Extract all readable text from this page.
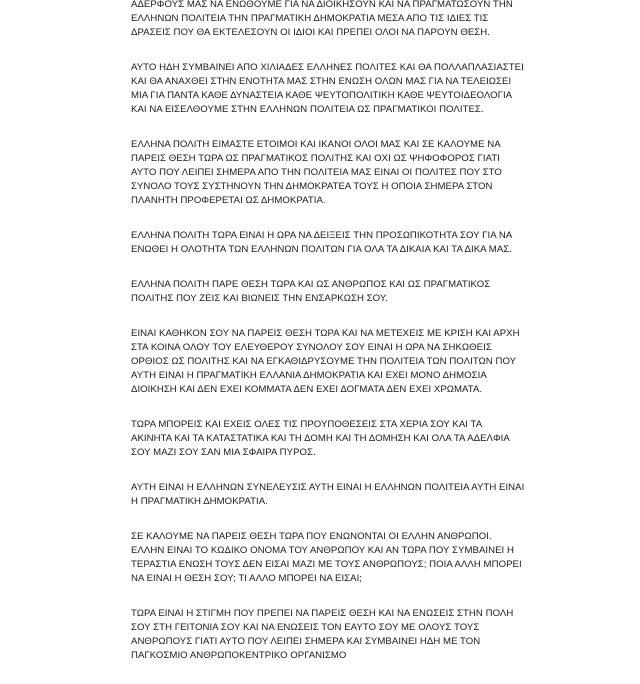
ΑΔΕΡΦΟΥΣ ΜΑΣ ΝΑ ΕΝΩΘΟΥΜΕ ΓΙΑ ΝΑ ΔΙΟΙΚΗΣΟΥΝ ΚΑΙ ΝΑ ΠΡΑΓΜΑΤΩΣΟΥΝ ΤΗΝ
ΕΛΛΗΝΩΝ ΠΟΛΙΤΕΙΑ ΤΗΝ ΠΡΑΓΜΑΤΙΚΗ ΔΗΜΟΚΡΑΤΙΑ ΜΕΣΑ ΑΠΟ ΤΙΣ ΙΔΙΕΣ ΤΙΣ
ΔΡΑΣΕΙΣ ΠΟΥ ΘΑ ΕΚΤΕΛΕΣΟΥΝ ΟΙ ΙΔΙΟΙ ΚΑΙ ΠΡΕΠΕΙ ΟΛΟΙ ΝΑ ΠΑΡΟΥΝ ΘΕΣΗ.
ΑΥΤΟ ΗΔΗ ΣΥΜΒΑΙΝΕΙ ΑΠΟ ΧΙΛΙΑΔΕΣ ΕΛΛΗΝΕΣ ΠΟΛΙΤΕΣ ΚΑΙ ΘΑ ΠΟΛΛΑΠΛΑΣΙΑΣΤΕΙ
ΚΑΙ ΘΑ ΑΝΑΧΘΕΙ ΣΤΗΝ ΕΝΟΤΗΤΑ ΜΑΣ ΣΤΗΝ ΕΝΩΣΗ ΟΛΩΝ ΜΑΣ ΓΙΑ ΝΑ ΤΕΛΕΙΩΣΕΙ
ΜΙΑ ΓΙΑ ΠΑΝΤΑ ΚΑΘΕ ΔΥΝΑΣΤΕΙΑ ΚΑΘΕ ΨΕΥΤΟΠΟΛΙΤΙΚΗ ΚΑΘΕ ΨΕΥΤΟΙΔΕΟΛΟΓΙΑ
ΚΑΙ ΝΑ ΕΙΣΕΛΘΟΥΜΕ ΣΤΗΝ ΕΛΛΗΝΩΝ ΠΟΛΙΤΕΙΑ ΩΣ ΠΡΑΓΜΑΤΙΚΟΙ ΠΟΛΙΤΕΣ.
ΕΛΛΗΝΑ ΠΟΛΙΤΗ ΕΙΜΑΣΤΕ ΕΤΟΙΜΟΙ ΚΑΙ ΙΚΑΝΟΙ ΟΛΟΙ ΜΑΣ ΚΑΙ ΣΕ ΚΑΛΟΥΜΕ ΝΑ
ΠΑΡΕΙΣ ΘΕΣΗ ΤΩΡΑ ΩΣ ΠΡΑΓΜΑΤΙΚΟΣ ΠΟΛΙΤΗΣ ΚΑΙ ΟΧΙ ΩΣ ΨΗΦΟΦΟΡΟΣ ΓΙΑΤΙ
ΑΥΤΟ ΠΟΥ ΛΕΙΠΕΙ ΣΗΜΕΡΑ ΑΠΟ ΤΗΝ ΠΟΛΙΤΕΙΑ ΜΑΣ ΕΙΝΑΙ ΟΙ ΠΟΛΙΤΕΣ ΠΟΥ ΣΤΟ
ΣΥΝΟΛΟ ΤΟΥΣ ΣΥΣΤΗΝΟΥΝ ΤΗΝ ΔΗΜΟΚΡΑΤΕΑ ΤΟΥΣ Η ΟΠΟΙΑ ΣΗΜΕΡΑ ΣΤΟΝ
ΠΛΑΝΗΤΗ ΠΡΟΦΕΡΕΤΑΙ ΩΣ ΔΗΜΟΚΡΑΤΙΑ.
ΕΛΛΗΝΑ ΠΟΛΙΤΗ ΤΩΡΑ ΕΙΝΑΙ Η ΩΡΑ ΝΑ ΔΕΙΞΕΙΣ ΤΗΝ ΠΡΟΣΩΠΙΚΟΤΗΤΑ ΣΟΥ ΓΙΑ ΝΑ
ΕΝΩΘΕΙ Η ΟΛΟΤΗΤΑ ΤΩΝ ΕΛΛΗΝΩΝ ΠΟΛΙΤΩΝ ΓΙΑ ΟΛΑ ΤΑ ΔΙΚΑΙΑ ΚΑΙ ΤΑ ΔΙΚΑ ΜΑΣ.
ΕΛΛΗΝΑ ΠΟΛΙΤΗ ΠΑΡΕ ΘΕΣΗ ΤΩΡΑ ΚΑΙ ΩΣ ΑΝΘΡΩΠΟΣ ΚΑΙ ΩΣ ΠΡΑΓΜΑΤΙΚΟΣ
ΠΟΛΙΤΗΣ ΠΟΥ ΖΕΙΣ ΚΑΙ ΒΙΩΝΕΙΣ ΤΗΝ ΕΝΣΑΡΚΩΣΗ ΣΟΥ.
ΕΙΝΑΙ ΚΑΘΗΚΟΝ ΣΟΥ ΝΑ ΠΑΡΕΙΣ ΘΕΣΗ ΤΩΡΑ ΚΑΙ ΝΑ ΜΕΤΕΧΕΙΣ ΜΕ ΚΡΙΣΗ ΚΑΙ ΑΡΧΗ
ΣΤΑ ΚΟΙΝΑ ΟΛΟΥ ΤΟΥ ΕΛΕΥΘΕΡΟΥ ΣΥΝΟΛΟΥ ΣΟΥ ΕΙΝΑΙ Η ΩΡΑ ΝΑ ΣΗΚΩΘΕΙΣ
ΟΡΘΙΟΣ ΩΣ ΠΟΛΙΤΗΣ ΚΑΙ ΝΑ ΕΓΚΑΘΙΔΡΥΣΟΥΜΕ ΤΗΝ ΠΟΛΙΤΕΙΑ ΤΩΝ ΠΟΛΙΤΩΝ ΠΟΥ
ΑΥΤΗ ΕΙΝΑΙ Η ΠΡΑΓΜΑΤΙΚΗ ΕΛΛΑΝΙΑ ΔΗΜΟΚΡΑΤΙΑ ΚΑΙ ΕΧΕΙ ΜΟΝΟ ΔΗΜΟΣΙΑ
ΔΙΟΙΚΗΣΗ ΚΑΙ ΔΕΝ ΕΧΕΙ ΚΟΜΜΑΤΑ ΔΕΝ ΕΧΕΙ ΔΟΓΜΑΤΑ ΔΕΝ ΕΧΕΙ ΧΡΩΜΑΤΑ.
ΤΩΡΑ ΜΠΟΡΕΙΣ ΚΑΙ ΕΧΕΙΣ ΟΛΕΣ ΤΙΣ ΠΡΟΥΠΟΘΕΣΕΙΣ ΣΤΑ ΧΕΡΙΑ ΣΟΥ ΚΑΙ ΤΑ
ΑΚΙΝΗΤΑ ΚΑΙ ΤΑ ΚΑΤΑΣΤΑΤΙΚΑ ΚΑΙ ΤΗ ΔΟΜΗ ΚΑΙ ΤΗ ΔΟΜΗΣΗ ΚΑΙ ΟΛΑ ΤΑ ΑΔΕΛΦΙΑ
ΣΟΥ ΜΑΖΙ ΣΟΥ ΣΑΝ ΜΙΑ ΣΦΑΙΡΑ ΠΥΡΟΣ.
ΑΥΤΗ ΕΙΝΑΙ Η ΕΛΛΗΝΩΝ ΣΥΝΕΛΕΥΣΙΣ ΑΥΤΗ ΕΙΝΑΙ Η ΕΛΛΗΝΩΝ ΠΟΛΙΤΕΙΑ ΑΥΤΗ ΕΙΝΑΙ
Η ΠΡΑΓΜΑΤΙΚΗ ΔΗΜΟΚΡΑΤΙΑ.
ΣΕ ΚΑΛΟΥΜΕ ΝΑ ΠΑΡΕΙΣ ΘΕΣΗ ΤΩΡΑ ΠΟΥ ΕΝΩΝΟΝΤΑΙ ΟΙ ΕΛΛΗΝ ΑΝΘΡΩΠΟΙ.
ΕΛΛΗΝ ΕΙΝΑΙ ΤΟ ΚΩΔΙΚΟ ΟΝΟΜΑ ΤΟΥ ΑΝΘΡΩΠΟΥ ΚΑΙ ΑΝ ΤΩΡΑ ΠΟΥ ΣΥΜΒΑΙΝΕΙ Η
ΤΕΡΑΣΤΙΑ ΕΝΩΣΗ ΤΟΥΣ ΔΕΝ ΕΙΣΑΙ ΜΑΖΙ ΜΕ ΤΟΥΣ ΑΝΘΡΩΠΟΥΣ; ΠΟΙΑ ΑΛΛΗ ΜΠΟΡΕΙ
ΝΑ ΕΙΝΑΙ Η ΘΕΣΗ ΣΟΥ; ΤΙ ΑΛΛΟ ΜΠΟΡΕΙ ΝΑ ΕΙΣΑΙ;
ΤΩΡΑ ΕΙΝΑΙ Η ΣΤΙΓΜΗ ΠΟΥ ΠΡΕΠΕΙ ΝΑ ΠΑΡΕΙΣ ΘΕΣΗ ΚΑΙ ΝΑ ΕΝΩΣΕΙΣ ΣΤΗΝ ΠΟΛΗ
ΣΟΥ ΣΤΗ ΓΕΙΤΟΝΙΑ ΣΟΥ ΚΑΙ ΝΑ ΕΝΩΣΕΙΣ ΤΟΝ ΕΑΥΤΟ ΣΟΥ ΜΕ ΟΛΟΥΣ ΤΟΥΣ
ΑΝΘΡΩΠΟΥΣ ΓΙΑΤΙ ΑΥΤΟ ΠΟΥ ΛΕΙΠΕΙ ΣΗΜΕΡΑ ΚΑΙ ΣΥΜΒΑΙΝΕΙ ΗΔΗ ΜΕ ΤΟΝ
ΠΑΓΚΟΣΜΙΟ ΑΝΘΡΩΠΟΚΕΝΤΡΙΚΟ ΟΡΓΑΝΙΣΜΟ
